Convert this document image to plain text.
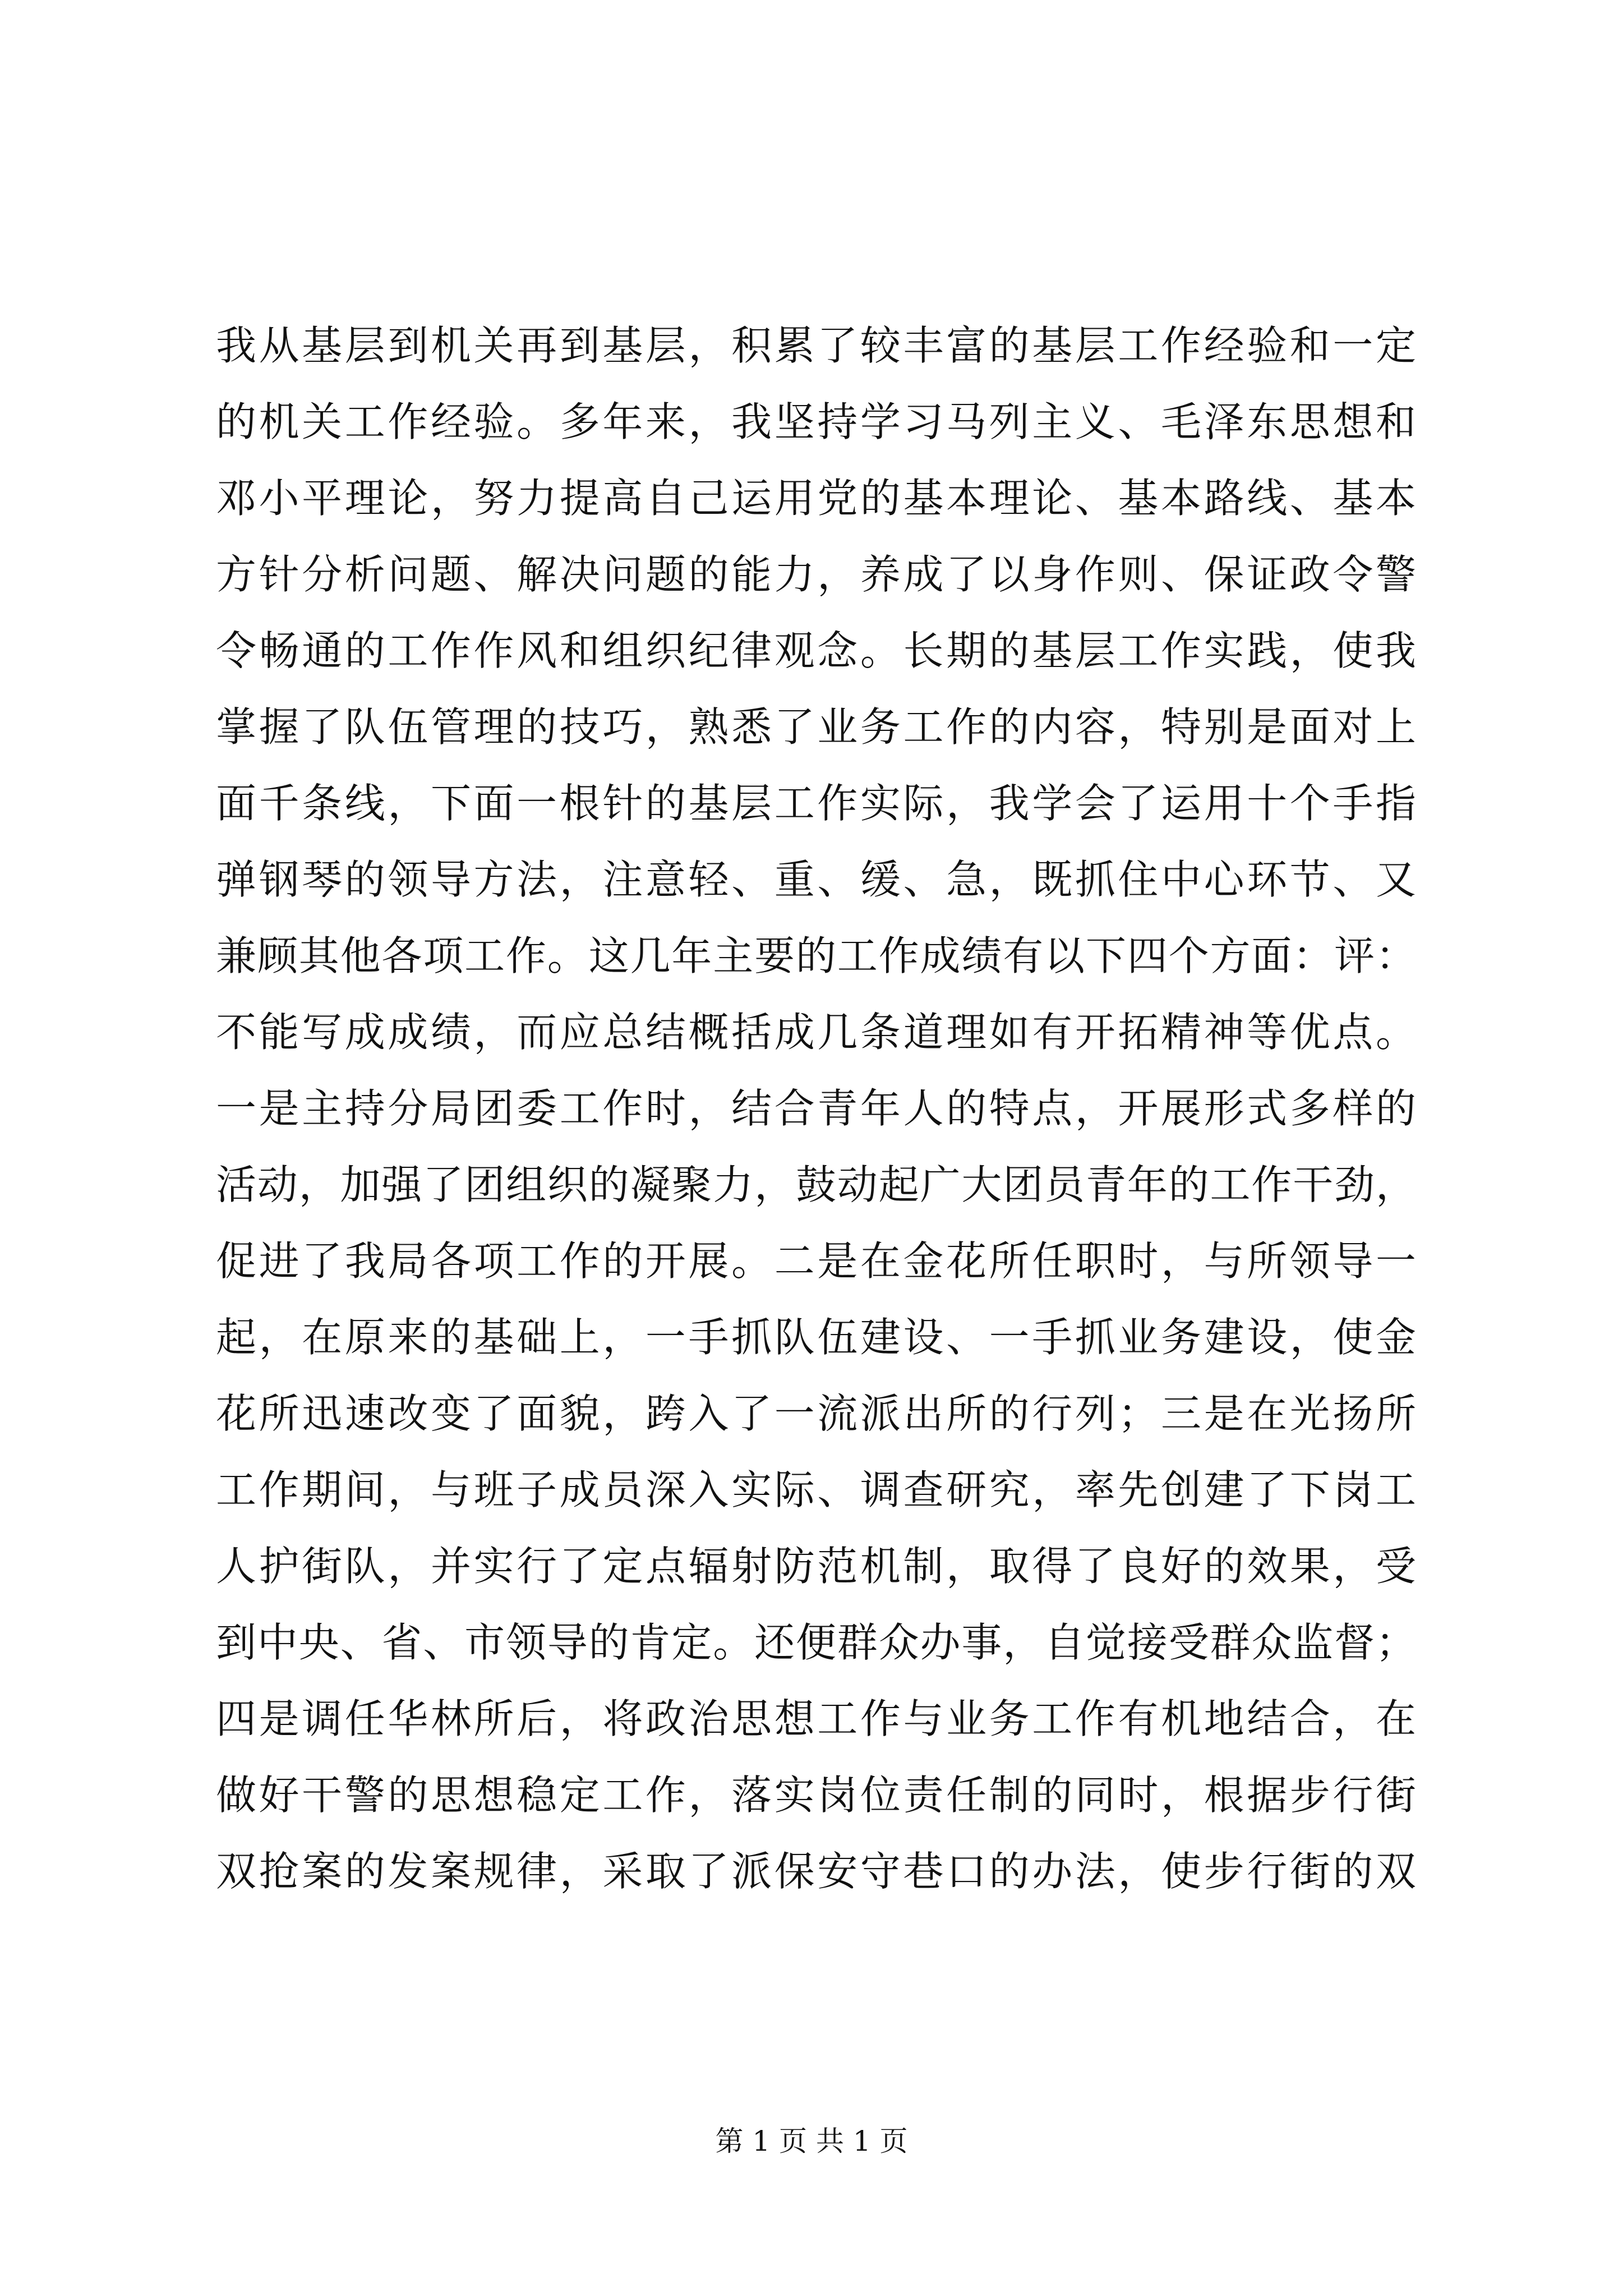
我从基层到机关再到基层，积累了较丰富的基层工作经验和一定
的机关工作经验。多年来，我坚持学习马列主义、毛泽东思想和
邓小平理论，努力提高自己运用党的基本理论、基本路线、基本
方针分析问题、解决问题的能力，养成了以身作则、保证政令警
令畅通的工作作风和组织纪律观念。长期的基层工作实践，使我
掌握了队伍管理的技巧，熟悉了业务工作的内容，特别是面对上
面千条线，下面一根针的基层工作实际，我学会了运用十个手指
弹钢琴的领导方法，注意轻、重、缓、急，既抓住中心环节、又
兼顾其他各项工作。这几年主要的工作成绩有以下四个方面：评：
不能写成成绩，而应总结概括成几条道理如有开拓精神等优点。
一是主持分局团委工作时，结合青年人的特点，开展形式多样的
活动，加强了团组织的凝聚力，鼓动起广大团员青年的工作干劲，
促进了我局各项工作的开展。二是在金花所任职时，与所领导一
起，在原来的基础上，一手抓队伍建设、一手抓业务建设，使金
花所迅速改变了面貌，跨入了一流派出所的行列；三是在光扬所
工作期间，与班子成员深入实际、调查研究，率先创建了下岗工
人护街队，并实行了定点辐射防范机制，取得了良好的效果，受
到中央、省、市领导的肯定。还便群众办事，自觉接受群众监督；
四是调任华林所后，将政治思想工作与业务工作有机地结合，在
做好干警的思想稳定工作，落实岗位责任制的同时，根据步行街
双抢案的发案规律，采取了派保安守巷口的办法，使步行街的双
第 1 页 共 1 页
